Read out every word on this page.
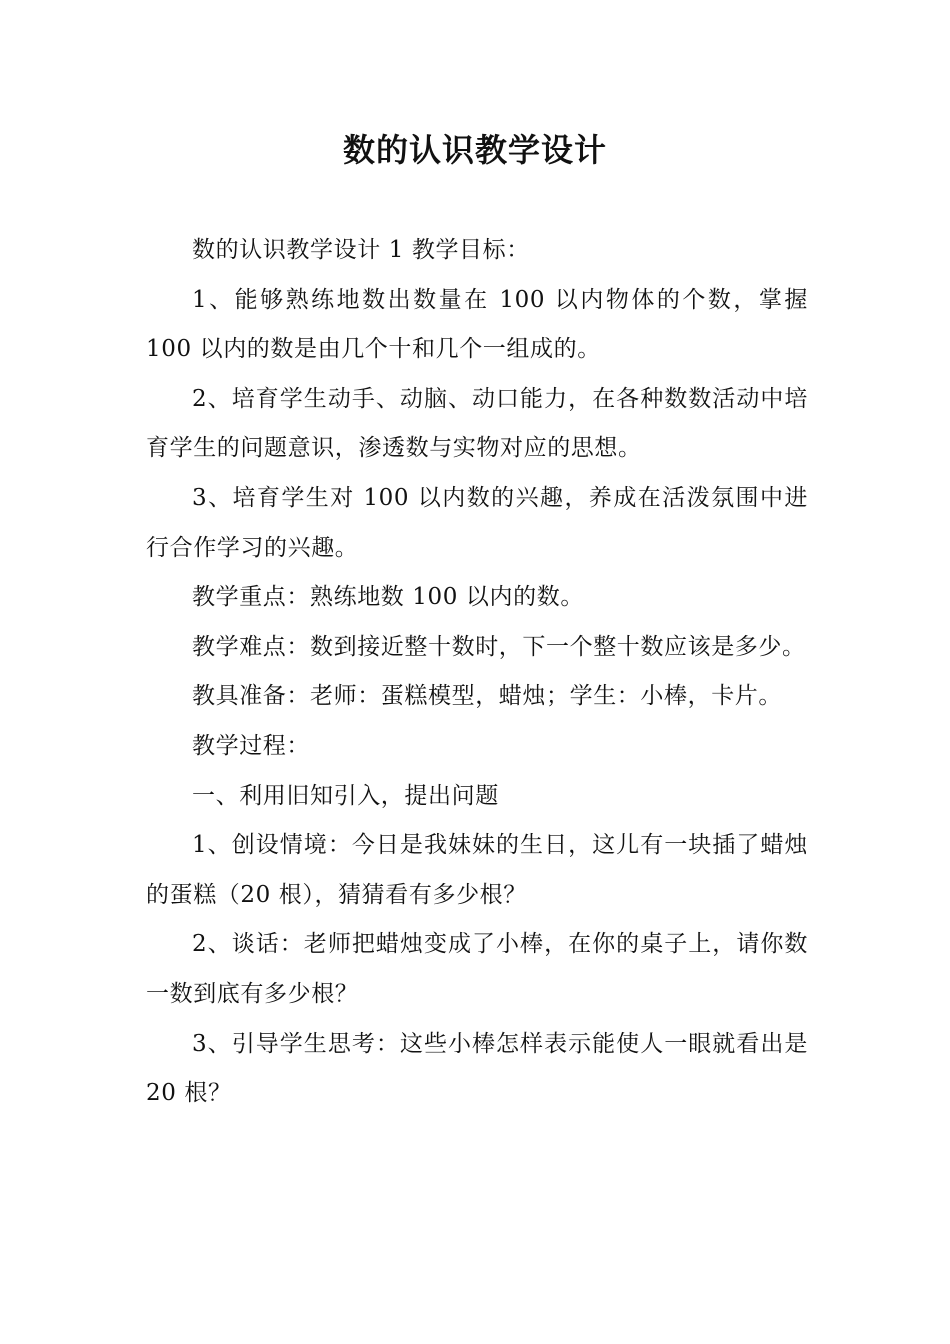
数的认识教学设计

数的认识教学设计 1 教学目标：

1、能够熟练地数出数量在 100 以内物体的个数，掌握 100 以内的数是由几个十和几个一组成的。

2、培育学生动手、动脑、动口能力，在各种数数活动中培育学生的问题意识，渗透数与实物对应的思想。

3、培育学生对 100 以内数的兴趣，养成在活泼氛围中进行合作学习的兴趣。

教学重点：熟练地数 100 以内的数。

教学难点：数到接近整十数时，下一个整十数应该是多少。

教具准备：老师：蛋糕模型，蜡烛；学生：小棒，卡片。

教学过程：

一、利用旧知引入，提出问题

1、创设情境：今日是我妹妹的生日，这儿有一块插了蜡烛的蛋糕（20 根），猜猜看有多少根？

2、谈话：老师把蜡烛变成了小棒，在你的桌子上，请你数一数到底有多少根？

3、引导学生思考：这些小棒怎样表示能使人一眼就看出是 20 根？
